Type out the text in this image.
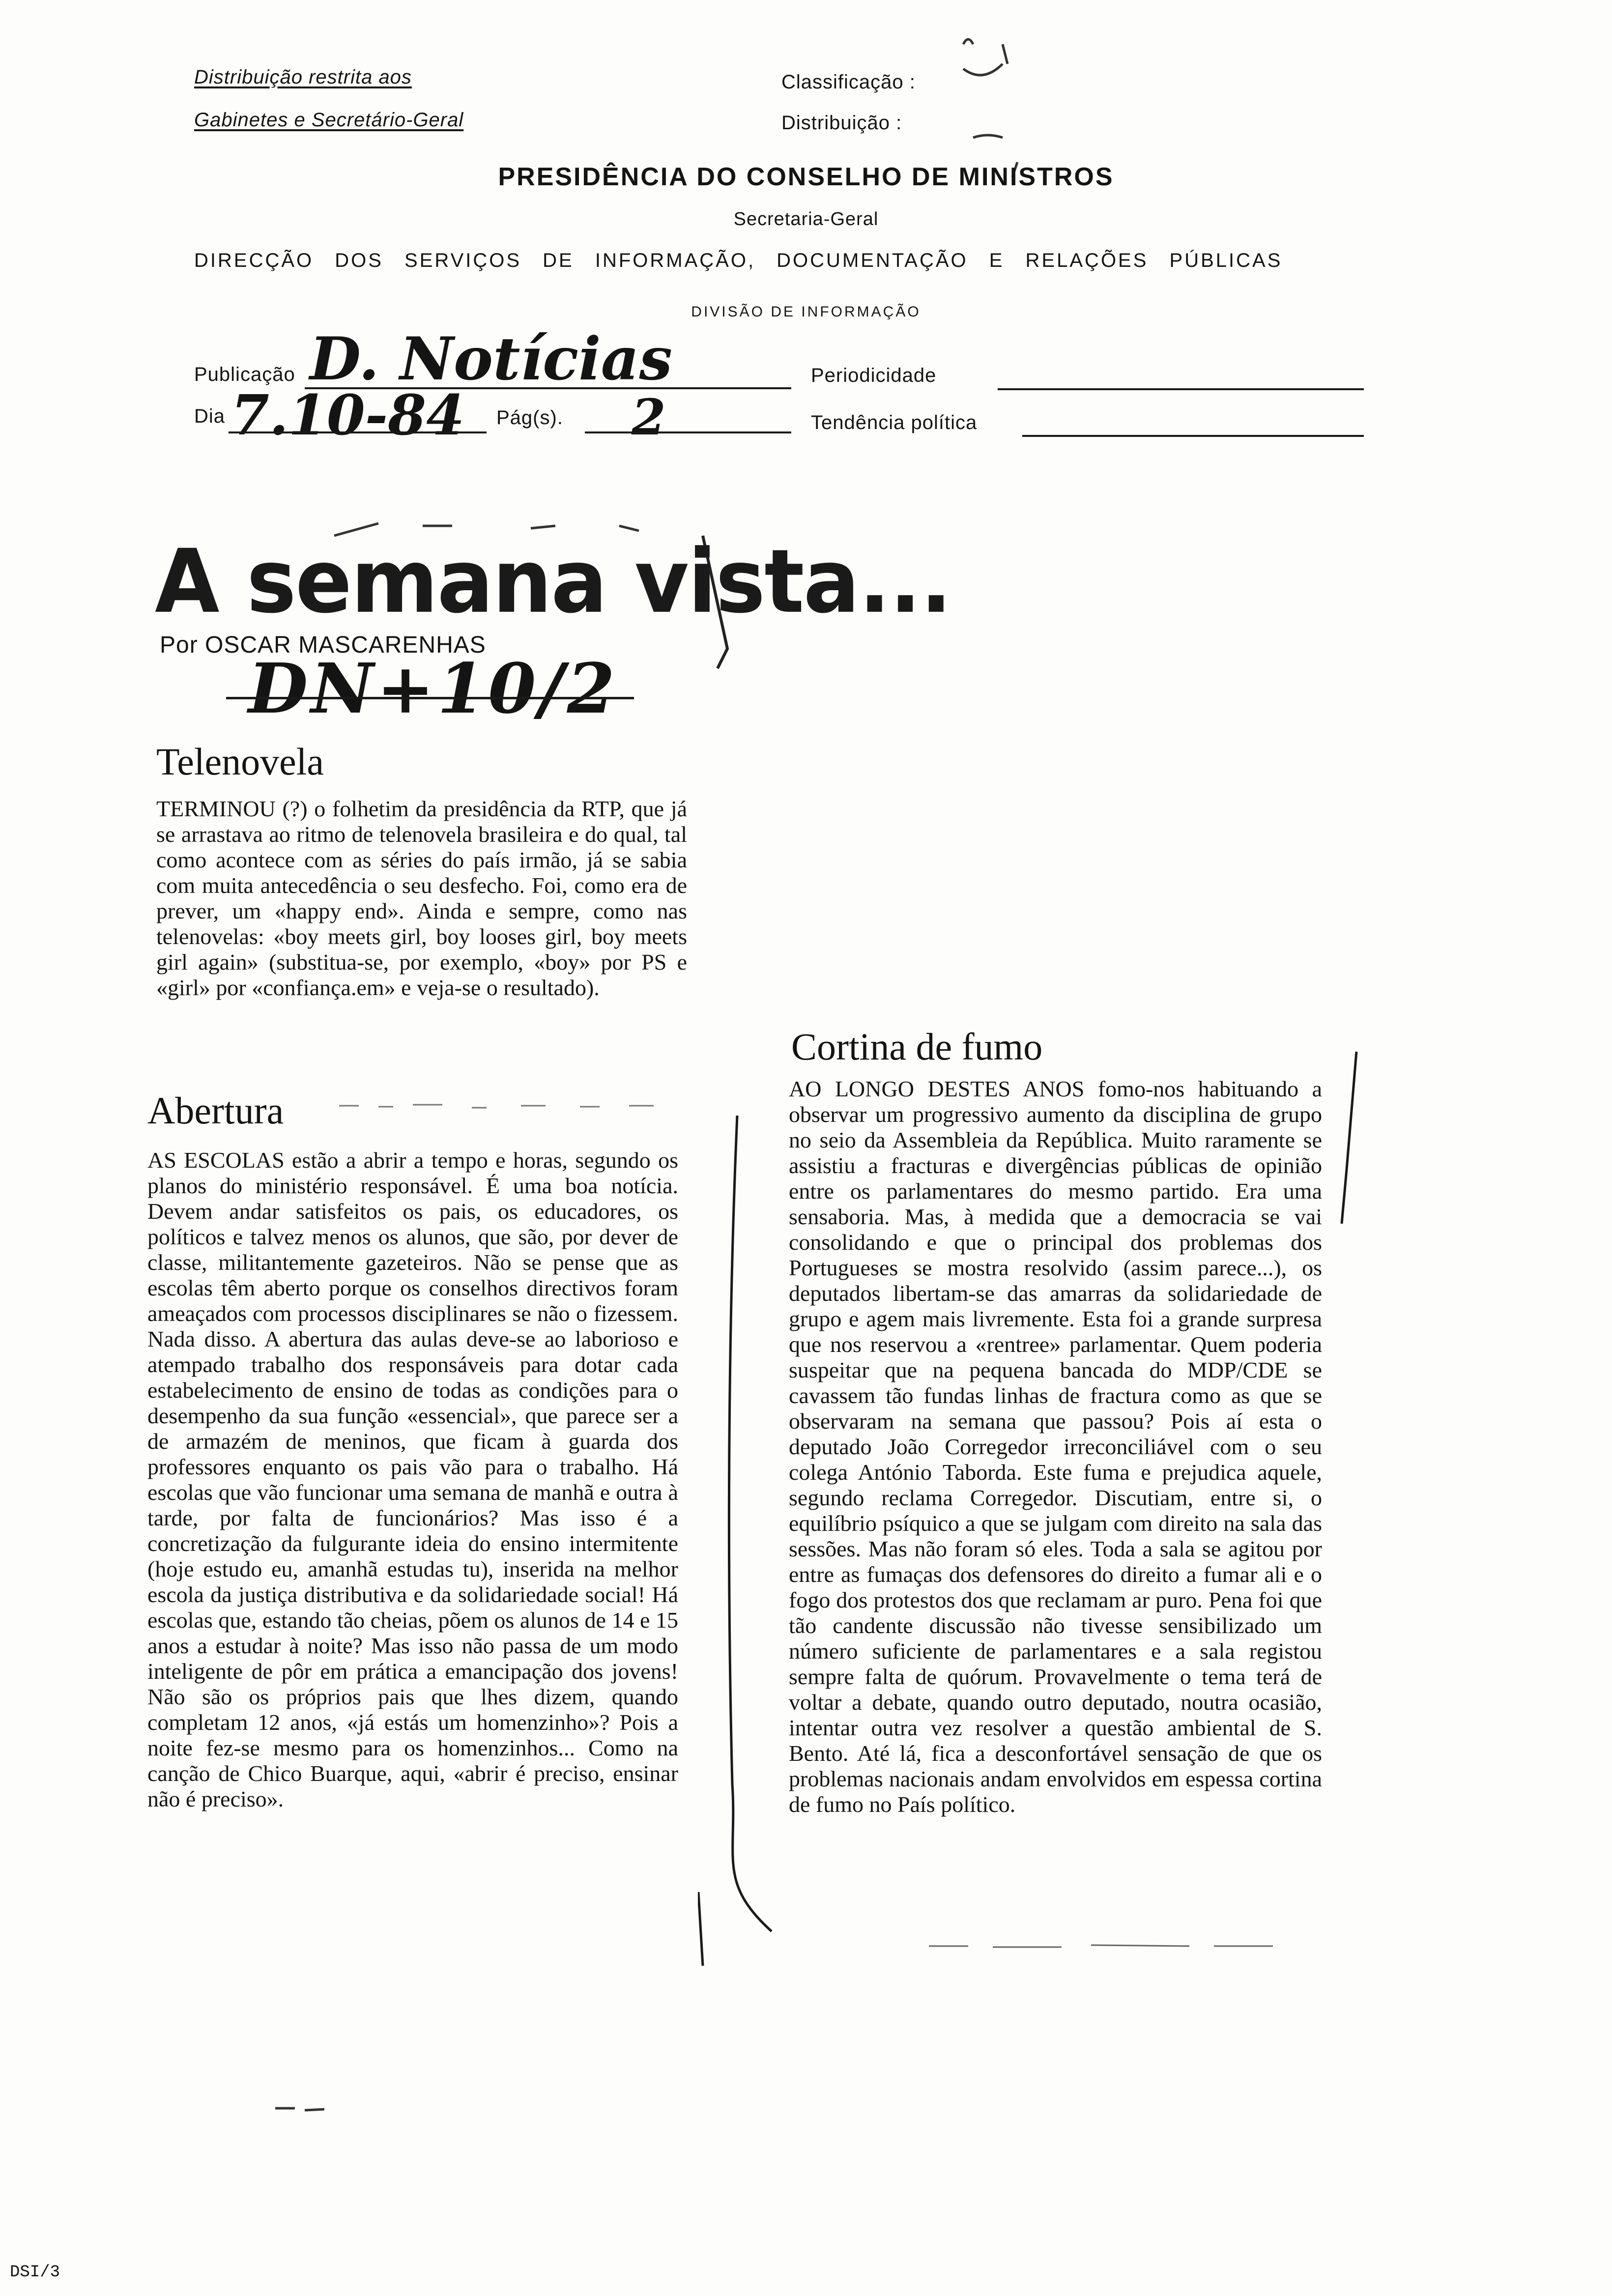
Distribuição restrita aos
Gabinetes e Secretário-Geral
Classificação :
Distribuição :
PRESIDÊNCIA DO CONSELHO DE MINISTROS
Secretaria-Geral
DIRECÇÃO DOS SERVIÇOS DE INFORMAÇÃO, DOCUMENTAÇÃO E RELAÇÕES PÚBLICAS
DIVISÃO DE INFORMAÇÃO
Publicação D. Notícias	Periodicidade
Dia 7.10-84 Pág(s). 2	Tendência política
A semana vista...
Por OSCAR MASCARENHAS
DN+10/2
Telenovela

TERMINOU (?) o folhetim da presidência da RTP, que já se arrastava ao ritmo de telenovela brasileira e do qual, tal como acontece com as séries do país irmão, já se sabia com muita antecedência o seu desfecho. Foi, como era de prever, um «happy end». Ainda e sempre, como nas telenovelas: «boy meets girl, boy looses girl, boy meets girl again» (substitua-se, por exemplo, «boy» por PS e «girl» por «confiança.em» e veja-se o resultado).

Abertura

AS ESCOLAS estão a abrir a tempo e horas, segundo os planos do ministério responsável. É uma boa notícia. Devem andar satisfeitos os pais, os educadores, os políticos e talvez menos os alunos, que são, por dever de classe, militantemente gazeteiros. Não se pense que as escolas têm aberto porque os conselhos directivos foram ameaçados com processos disciplinares se não o fizessem. Nada disso. A abertura das aulas deve-se ao laborioso e atempado trabalho dos responsáveis para dotar cada estabelecimento de ensino de todas as condições para o desempenho da sua função «essencial», que parece ser a de armazém de meninos, que ficam à guarda dos professores enquanto os pais vão para o trabalho. Há escolas que vão funcionar uma semana de manhã e outra à tarde, por falta de funcionários? Mas isso é a concretização da fulgurante ideia do ensino intermitente (hoje estudo eu, amanhã estudas tu), inserida na melhor escola da justiça distributiva e da solidariedade social! Há escolas que, estando tão cheias, põem os alunos de 14 e 15 anos a estudar à noite? Mas isso não passa de um modo inteligente de pôr em prática a emancipação dos jovens! Não são os próprios pais que lhes dizem, quando completam 12 anos, «já estás um homenzinho»? Pois a noite fez-se mesmo para os homenzinhos... Como na canção de Chico Buarque, aqui, «abrir é preciso, ensinar não é preciso».

Cortina de fumo

AO LONGO DESTES ANOS fomo-nos habituando a observar um progressivo aumento da disciplina de grupo no seio da Assembleia da República. Muito raramente se assistiu a fracturas e divergências públicas de opinião entre os parlamentares do mesmo partido. Era uma sensaboria. Mas, à medida que a democracia se vai consolidando e que o principal dos problemas dos Portugueses se mostra resolvido (assim parece...), os deputados libertam-se das amarras da solidariedade de grupo e agem mais livremente. Esta foi a grande surpresa que nos reservou a «rentree» parlamentar. Quem poderia suspeitar que na pequena bancada do MDP/CDE se cavassem tão fundas linhas de fractura como as que se observaram na semana que passou? Pois aí esta o deputado João Corregedor irreconciliável com o seu colega António Taborda. Este fuma e prejudica aquele, segundo reclama Corregedor. Discutiam, entre si, o equilíbrio psíquico a que se julgam com direito na sala das sessões. Mas não foram só eles. Toda a sala se agitou por entre as fumaças dos defensores do direito a fumar ali e o fogo dos protestos dos que reclamam ar puro. Pena foi que tão candente discussão não tivesse sensibilizado um número suficiente de parlamentares e a sala registou sempre falta de quórum. Provavelmente o tema terá de voltar a debate, quando outro deputado, noutra ocasião, intentar outra vez resolver a questão ambiental de S. Bento. Até lá, fica a desconfortável sensação de que os problemas nacionais andam envolvidos em espessa cortina de fumo no País político.

DSI/3
